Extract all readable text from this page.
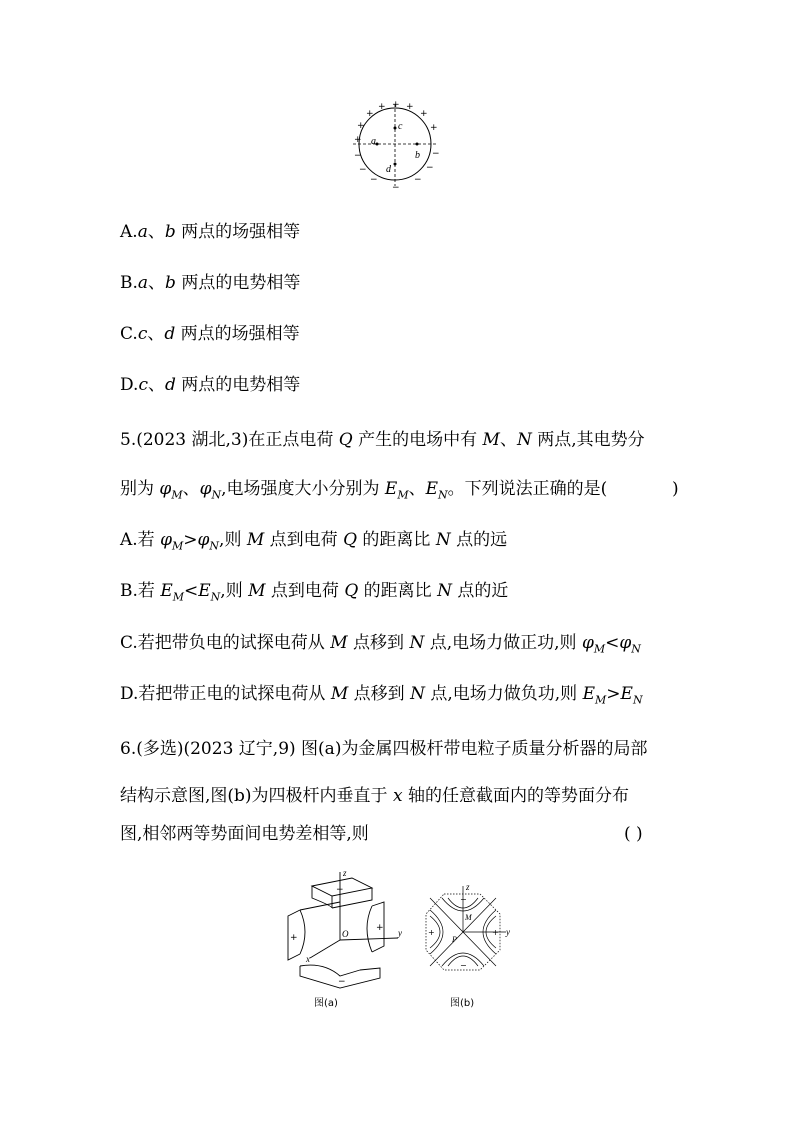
a
b
c
d
+ +
+
+	+
+	+
+
−
−
−
−
−
−
−
A.a、b 两点的场强相等
B.a、b 两点的电势相等
C.c、d 两点的场强相等
D.c、d 两点的电势相等
5.(2023 湖北,3)在正点电荷 Q 产生的电场中有 M、N 两点,其电势分
别为 $\varphi_M$、$\varphi_N$,电场强度大小分别为 $E_M$、$E_N$。下列说法正确的是(	)
A.若 $\varphi_M>\varphi_N$,则 M 点到电荷 Q 的距离比 N 点的远
B.若 $E_M<E_N$,则 M 点到电荷 Q 的距离比 N 点的近
C.若把带负电的试探电荷从 M 点移到 N 点,电场力做正功,则 $\varphi_M<\varphi_N$
D.若把带正电的试探电荷从 M 点移到 N 点,电场力做负功,则 $E_M>E_N$
6.(多选)(2023 辽宁,9) 图(a)为金属四极杆带电粒子质量分析器的局部
结构示意图,图(b)为四极杆内垂直于 x 轴的任意截面内的等势面分布
图,相邻两等势面间电势差相等,则	( )
z
y
x
O
−
+
+
−
图(a)
z
y
M
P
−
+	+
−
图(b)
